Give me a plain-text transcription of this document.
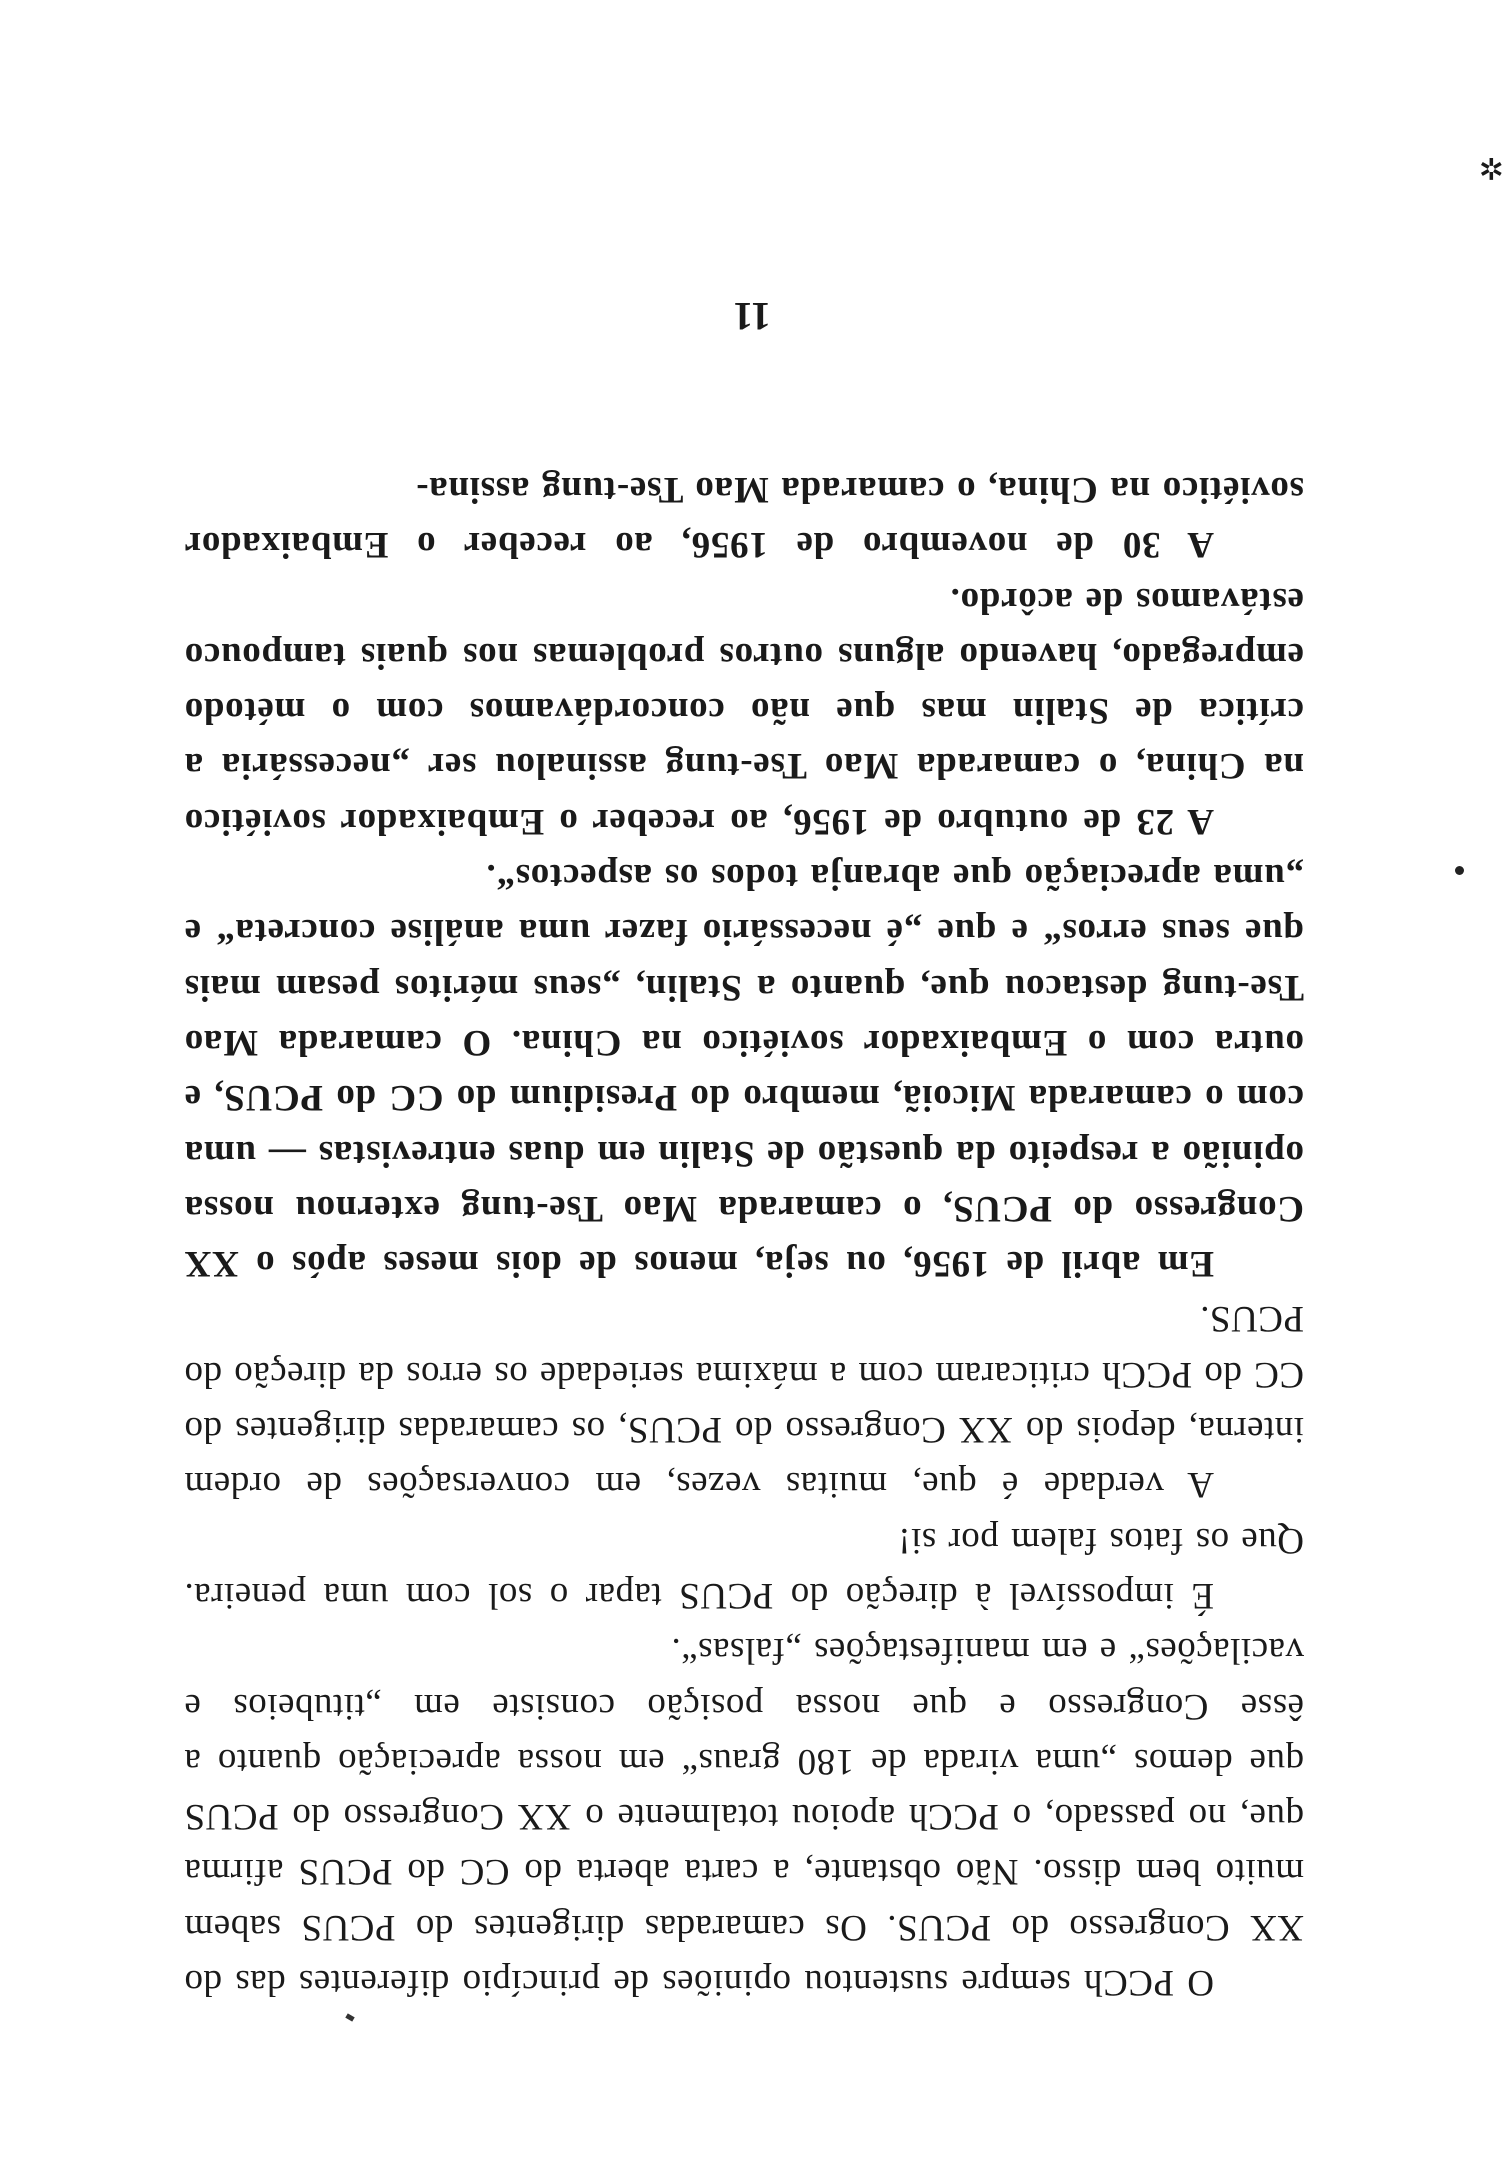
O PCCh sempre sustentou opiniões de princípio diferentes das do XX Congresso do PCUS. Os camaradas dirigentes do PCUS sabem muito bem disso. Não obstante, a carta aberta do CC do PCUS afirma que, no passado, o PCCh apoiou totalmente o XX Congresso do PCUS que demos „uma virada de 180 graus“ em nossa apreciação quanto a êsse Congresso e que nossa posição consiste em „titubeios e vacilações“ e em manifestações „falsas“.

É impossível à direção do PCUS tapar o sol com uma peneira. Que os fatos falem por si!

A verdade é que, muitas vezes, em conversações de ordem interna, depois do XX Congresso do PCUS, os camaradas dirigentes do CC do PCCh criticaram com a máxima seriedade os erros da direção do PCUS.

Em abril de 1956, ou seja, menos de dois meses após o XX Congresso do PCUS, o camarada Mao Tse-tung externou nossa opinião a respeito da questão de Stalin em duas entrevistas — uma com o camarada Micoiã, membro do Presidium do CC do PCUS, e outra com o Embaixador soviético na China. O camarada Mao Tse-tung destacou que, quanto a Stalin, „seus méritos pesam mais que seus erros“ e que „é necessário fazer uma análise concreta“ e „uma apreciação que abranja todos os aspectos“.

A 23 de outubro de 1956, ao receber o Embaixador soviético na China, o camarada Mao Tse-tung assinalou ser „necessária a crítica de Stalin mas que não concordávamos com o método empregado, havendo alguns outros problemas nos quais tampouco estávamos de acôrdo.

A 30 de novembro de 1956, ao receber o Embaixador soviético na China, o camarada Mao Tse-tung assina-

11
✲
